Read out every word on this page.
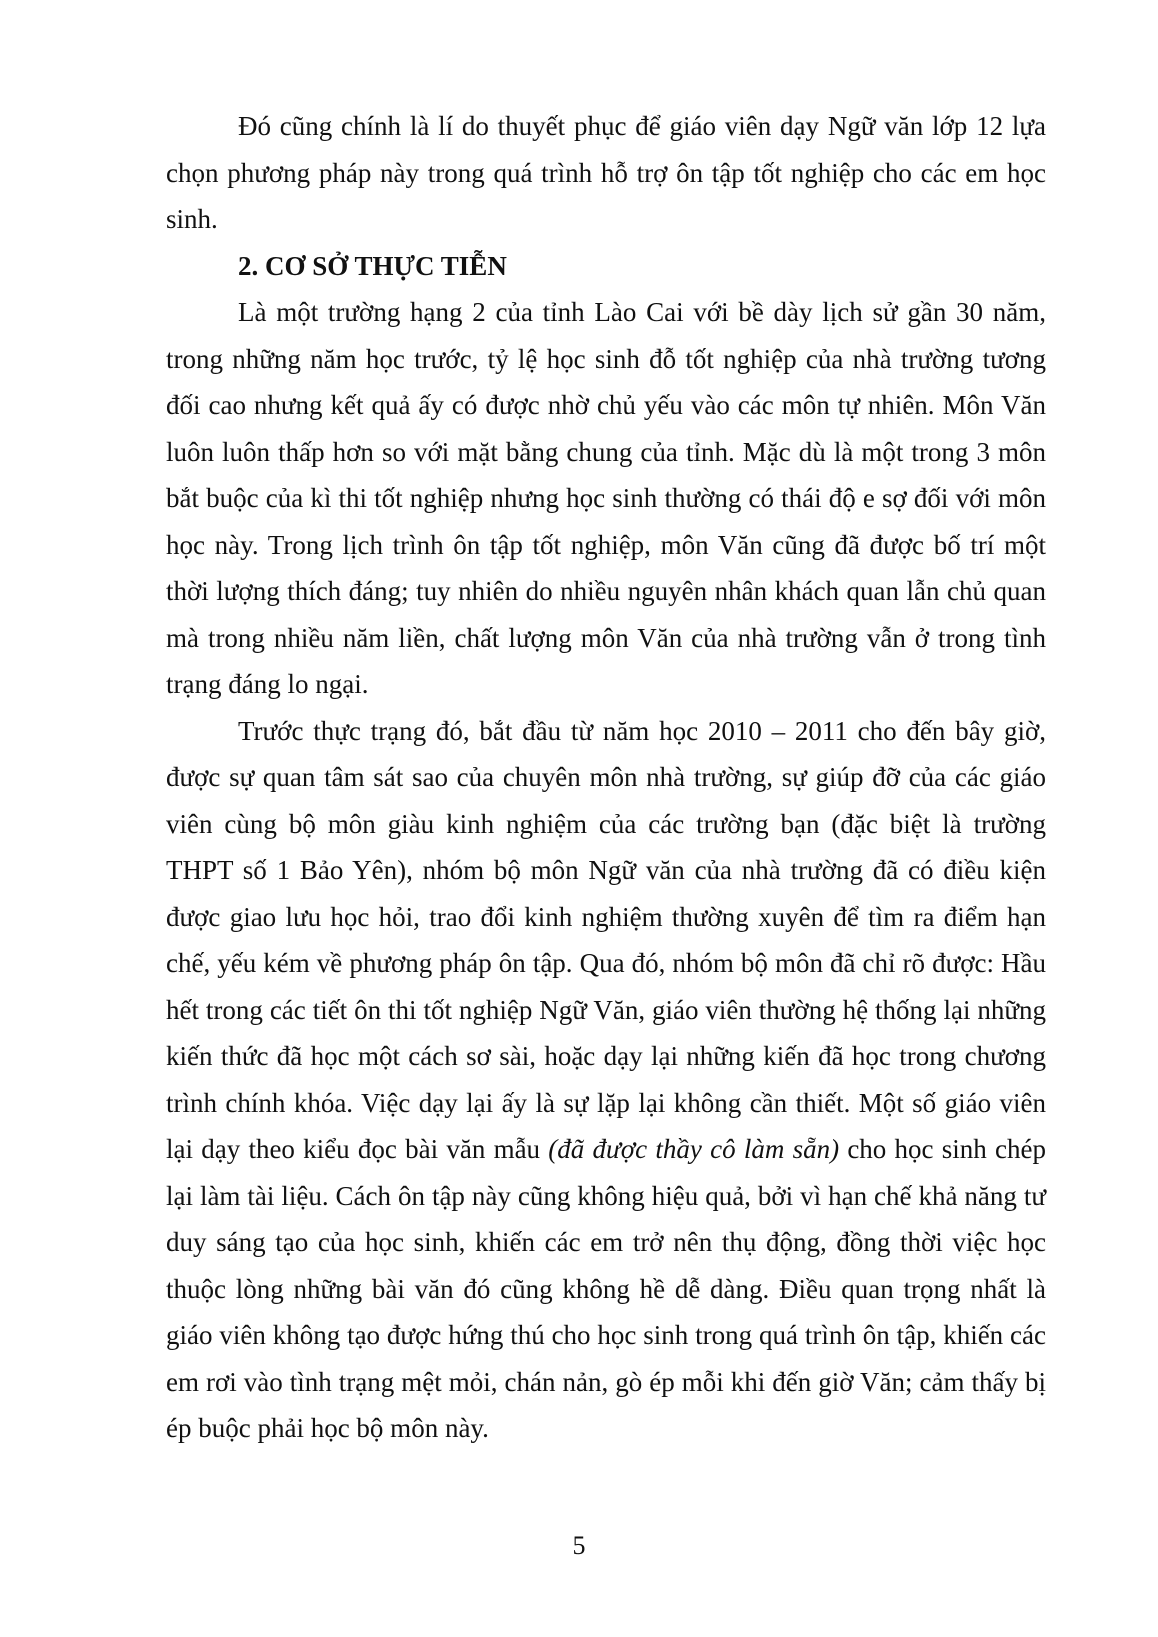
Đó cũng chính là lí do thuyết phục để giáo viên dạy Ngữ văn lớp 12 lựa chọn phương pháp này trong quá trình hỗ trợ ôn tập tốt nghiệp cho các em học sinh.

2. CƠ SỞ THỰC TIỄN

Là một trường hạng 2 của tỉnh Lào Cai với bề dày lịch sử gần 30 năm, trong những năm học trước, tỷ lệ học sinh đỗ tốt nghiệp của nhà trường tương đối cao nhưng kết quả ấy có được nhờ chủ yếu vào các môn tự nhiên. Môn Văn luôn luôn thấp hơn so với mặt bằng chung của tỉnh. Mặc dù là một trong 3 môn bắt buộc của kì thi tốt nghiệp nhưng học sinh thường có thái độ e sợ đối với môn học này. Trong lịch trình ôn tập tốt nghiệp, môn Văn cũng đã được bố trí một thời lượng thích đáng; tuy nhiên do nhiều nguyên nhân khách quan lẫn chủ quan mà trong nhiều năm liền, chất lượng môn Văn của nhà trường vẫn ở trong tình trạng đáng lo ngại.

Trước thực trạng đó, bắt đầu từ năm học 2010 – 2011 cho đến bây giờ, được sự quan tâm sát sao của chuyên môn nhà trường, sự giúp đỡ của các giáo viên cùng bộ môn giàu kinh nghiệm của các trường bạn (đặc biệt là trường THPT số 1 Bảo Yên), nhóm bộ môn Ngữ văn của nhà trường đã có điều kiện được giao lưu học hỏi, trao đổi kinh nghiệm thường xuyên để tìm ra điểm hạn chế, yếu kém về phương pháp ôn tập. Qua đó, nhóm bộ môn đã chỉ rõ được: Hầu hết trong các tiết ôn thi tốt nghiệp Ngữ Văn, giáo viên thường hệ thống lại những kiến thức đã học một cách sơ sài, hoặc dạy lại những kiến đã học trong chương trình chính khóa. Việc dạy lại ấy là sự lặp lại không cần thiết. Một số giáo viên lại dạy theo kiểu đọc bài văn mẫu (đã được thầy cô làm sẵn) cho học sinh chép lại làm tài liệu. Cách ôn tập này cũng không hiệu quả, bởi vì hạn chế khả năng tư duy sáng tạo của học sinh, khiến các em trở nên thụ động, đồng thời việc học thuộc lòng những bài văn đó cũng không hề dễ dàng. Điều quan trọng nhất là giáo viên không tạo được hứng thú cho học sinh trong quá trình ôn tập, khiến các em rơi vào tình trạng mệt mỏi, chán nản, gò ép mỗi khi đến giờ Văn; cảm thấy bị ép buộc phải học bộ môn này.

5
